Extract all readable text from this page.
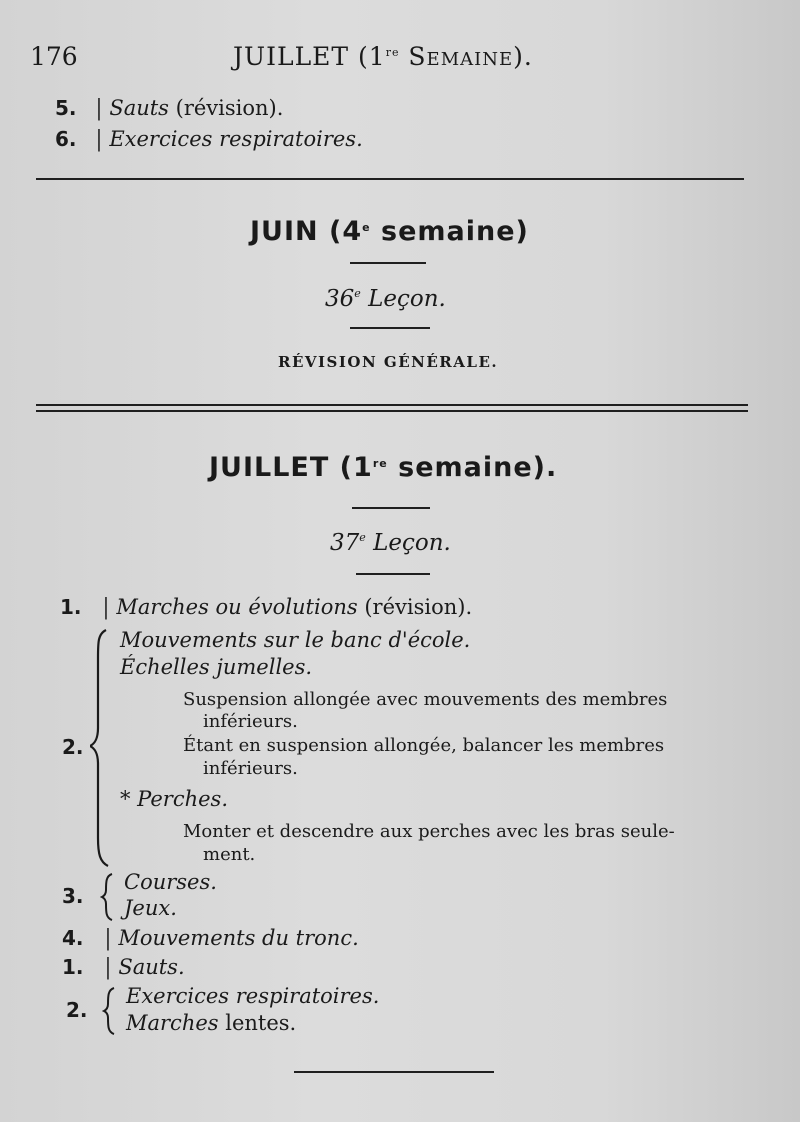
176	JUILLET (1re Semaine).
5. | Sauts (révision).
6. | Exercices respiratoires.
JUIN (4e semaine)
36e Leçon.
RÉVISION GÉNÉRALE.
JUILLET (1re semaine).
37e Leçon.
1. | Marches ou évolutions (révision).
2.
Mouvements sur le banc d'école.
Échelles jumelles.
Suspension allongée avec mouvements des membres
inférieurs.
Étant en suspension allongée, balancer les membres
inférieurs.
* Perches.
Monter et descendre aux perches avec les bras seule-
ment.
3.
Courses.
Jeux.
4. | Mouvements du tronc.
1. | Sauts.
2.
Exercices respiratoires.
Marches lentes.
